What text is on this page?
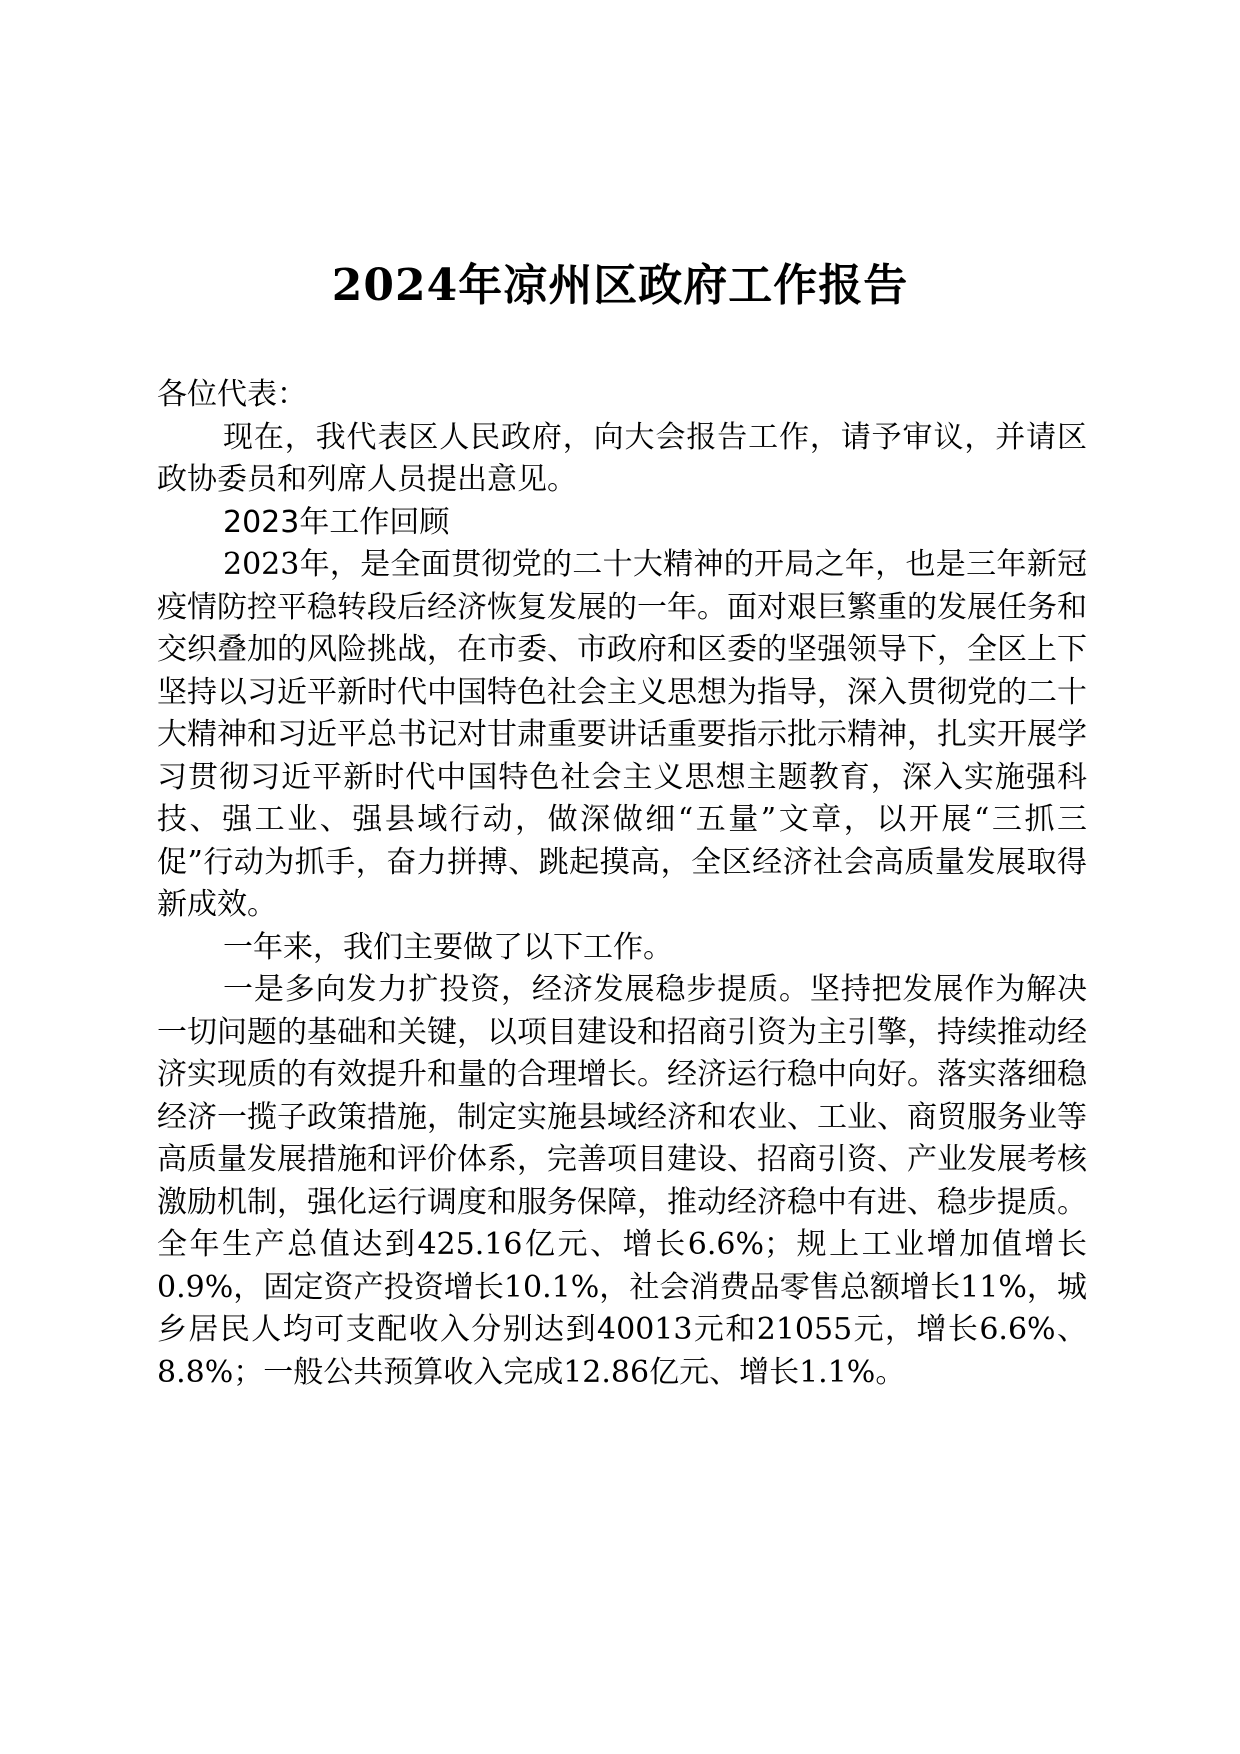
2024年凉州区政府工作报告

各位代表：

现在，我代表区人民政府，向大会报告工作，请予审议，并请区政协委员和列席人员提出意见。

2023年工作回顾

2023年，是全面贯彻党的二十大精神的开局之年，也是三年新冠疫情防控平稳转段后经济恢复发展的一年。面对艰巨繁重的发展任务和交织叠加的风险挑战，在市委、市政府和区委的坚强领导下，全区上下坚持以习近平新时代中国特色社会主义思想为指导，深入贯彻党的二十大精神和习近平总书记对甘肃重要讲话重要指示批示精神，扎实开展学习贯彻习近平新时代中国特色社会主义思想主题教育，深入实施强科技、强工业、强县域行动，做深做细“五量”文章，以开展“三抓三促”行动为抓手，奋力拼搏、跳起摸高，全区经济社会高质量发展取得新成效。

一年来，我们主要做了以下工作。

一是多向发力扩投资，经济发展稳步提质。坚持把发展作为解决一切问题的基础和关键，以项目建设和招商引资为主引擎，持续推动经济实现质的有效提升和量的合理增长。经济运行稳中向好。落实落细稳经济一揽子政策措施，制定实施县域经济和农业、工业、商贸服务业等高质量发展措施和评价体系，完善项目建设、招商引资、产业发展考核激励机制，强化运行调度和服务保障，推动经济稳中有进、稳步提质。全年生产总值达到425.16亿元、增长6.6%；规上工业增加值增长0.9%，固定资产投资增长10.1%，社会消费品零售总额增长11%，城乡居民人均可支配收入分别达到40013元和21055元，增长6.6%、8.8%；一般公共预算收入完成12.86亿元、增长1.1%。
